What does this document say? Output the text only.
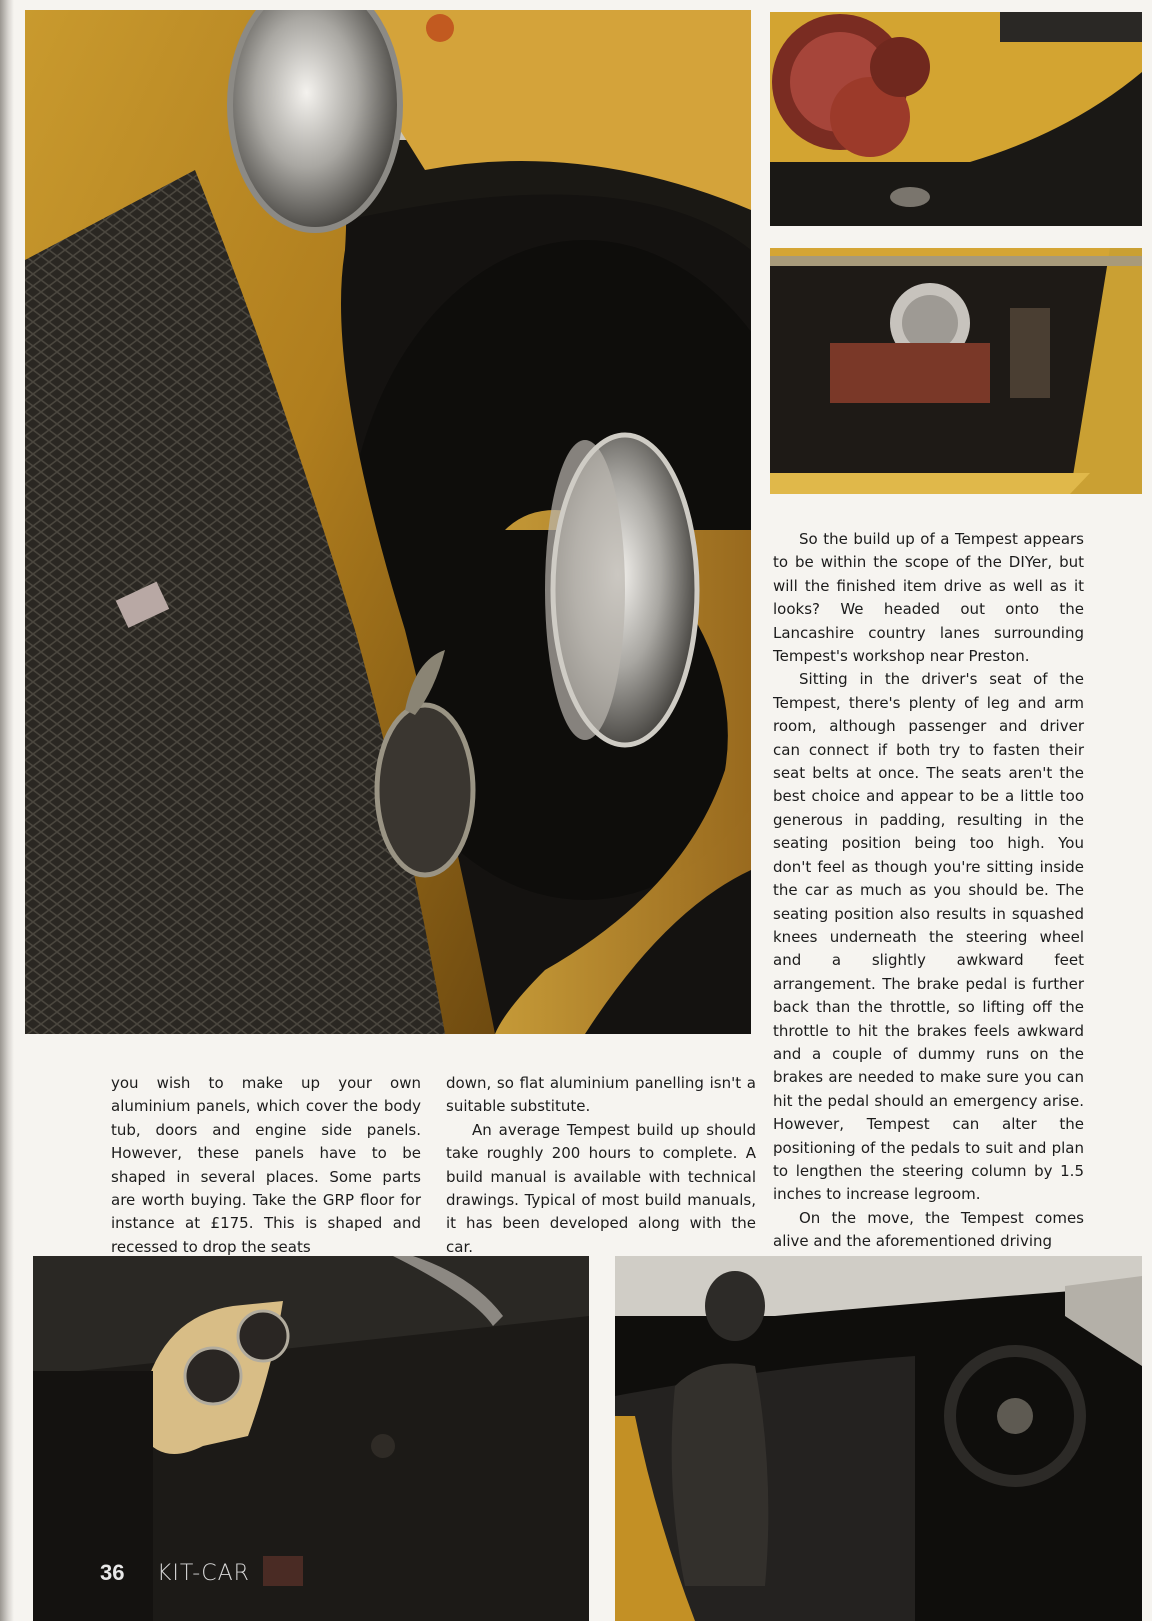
So the build up of a Tempest appears to be within the scope of the DIYer, but will the finished item drive as well as it looks? We headed out onto the Lancashire country lanes surrounding Tempest's workshop near Preston.

Sitting in the driver's seat of the Tempest, there's plenty of leg and arm room, although passenger and driver can connect if both try to fasten their seat belts at once. The seats aren't the best choice and appear to be a little too generous in padding, resulting in the seating position being too high. You don't feel as though you're sitting inside the car as much as you should be. The seating position also results in squashed knees underneath the steering wheel and a slightly awkward feet arrangement. The brake pedal is further back than the throttle, so lifting off the throttle to hit the brakes feels awkward and a couple of dummy runs on the brakes are needed to make sure you can hit the pedal should an emergency arise. However, Tempest can alter the positioning of the pedals to suit and plan to lengthen the steering column by 1.5 inches to increase legroom.

On the move, the Tempest comes alive and the aforementioned driving

you wish to make up your own aluminium panels, which cover the body tub, doors and engine side panels. However, these panels have to be shaped in several places. Some parts are worth buying. Take the GRP floor for instance at £175. This is shaped and recessed to drop the seats

down, so flat aluminium panelling isn't a suitable substitute.

An average Tempest build up should take roughly 200 hours to complete. A build manual is available with technical drawings. Typical of most build manuals, it has been developed along with the car.

36 KIT-CAR
